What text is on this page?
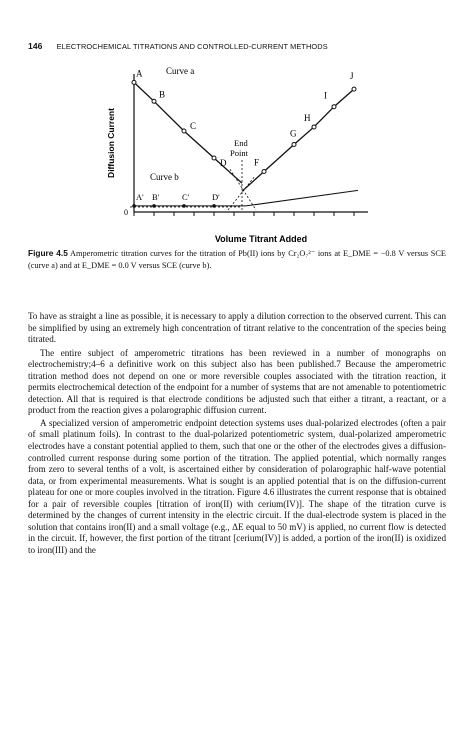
146 ELECTROCHEMICAL TITRATIONS AND CONTROLLED-CURRENT METHODS
0
Diffusion Current
Volume Titrant Added
A' B'	C'	D'
A
B
C
D	F
G
H
I
J
Curve a
Curve b
End
Point
Figure 4.5 Amperometric titration curves for the titration of Pb(II) ions by Cr₂O₇²⁻ ions at E_DME = −0.8 V versus SCE (curve a) and at E_DME = 0.0 V versus SCE (curve b).

To have as straight a line as possible, it is necessary to apply a dilution correction to the observed current. This can be simplified by using an extremely high concentration of titrant relative to the concentration of the species being titrated.

The entire subject of amperometric titrations has been reviewed in a number of monographs on electrochemistry;4–6 a definitive work on this subject also has been published.7 Because the amperometric titration method does not depend on one or more reversible couples associated with the titration reaction, it permits electrochemical detection of the endpoint for a number of systems that are not amenable to potentiometric detection. All that is required is that electrode conditions be adjusted such that either a titrant, a reactant, or a product from the reaction gives a polarographic diffusion current.

A specialized version of amperometric endpoint detection systems uses dual-polarized electrodes (often a pair of small platinum foils). In contrast to the dual-polarized potentiometric system, dual-polarized amperometric electrodes have a constant potential applied to them, such that one or the other of the electrodes gives a diffusion-controlled current response during some portion of the titration. The applied potential, which normally ranges from zero to several tenths of a volt, is ascertained either by consideration of polarographic half-wave potential data, or from experimental measurements. What is sought is an applied potential that is on the diffusion-current plateau for one or more couples involved in the titration. Figure 4.6 illustrates the current response that is obtained for a pair of reversible couples [titration of iron(II) with cerium(IV)]. The shape of the titration curve is determined by the changes of current intensity in the electric circuit. If the dual-electrode system is placed in the solution that contains iron(II) and a small voltage (e.g., ΔE equal to 50 mV) is applied, no current flow is detected in the circuit. If, however, the first portion of the titrant [cerium(IV)] is added, a portion of the iron(II) is oxidized to iron(III) and the
